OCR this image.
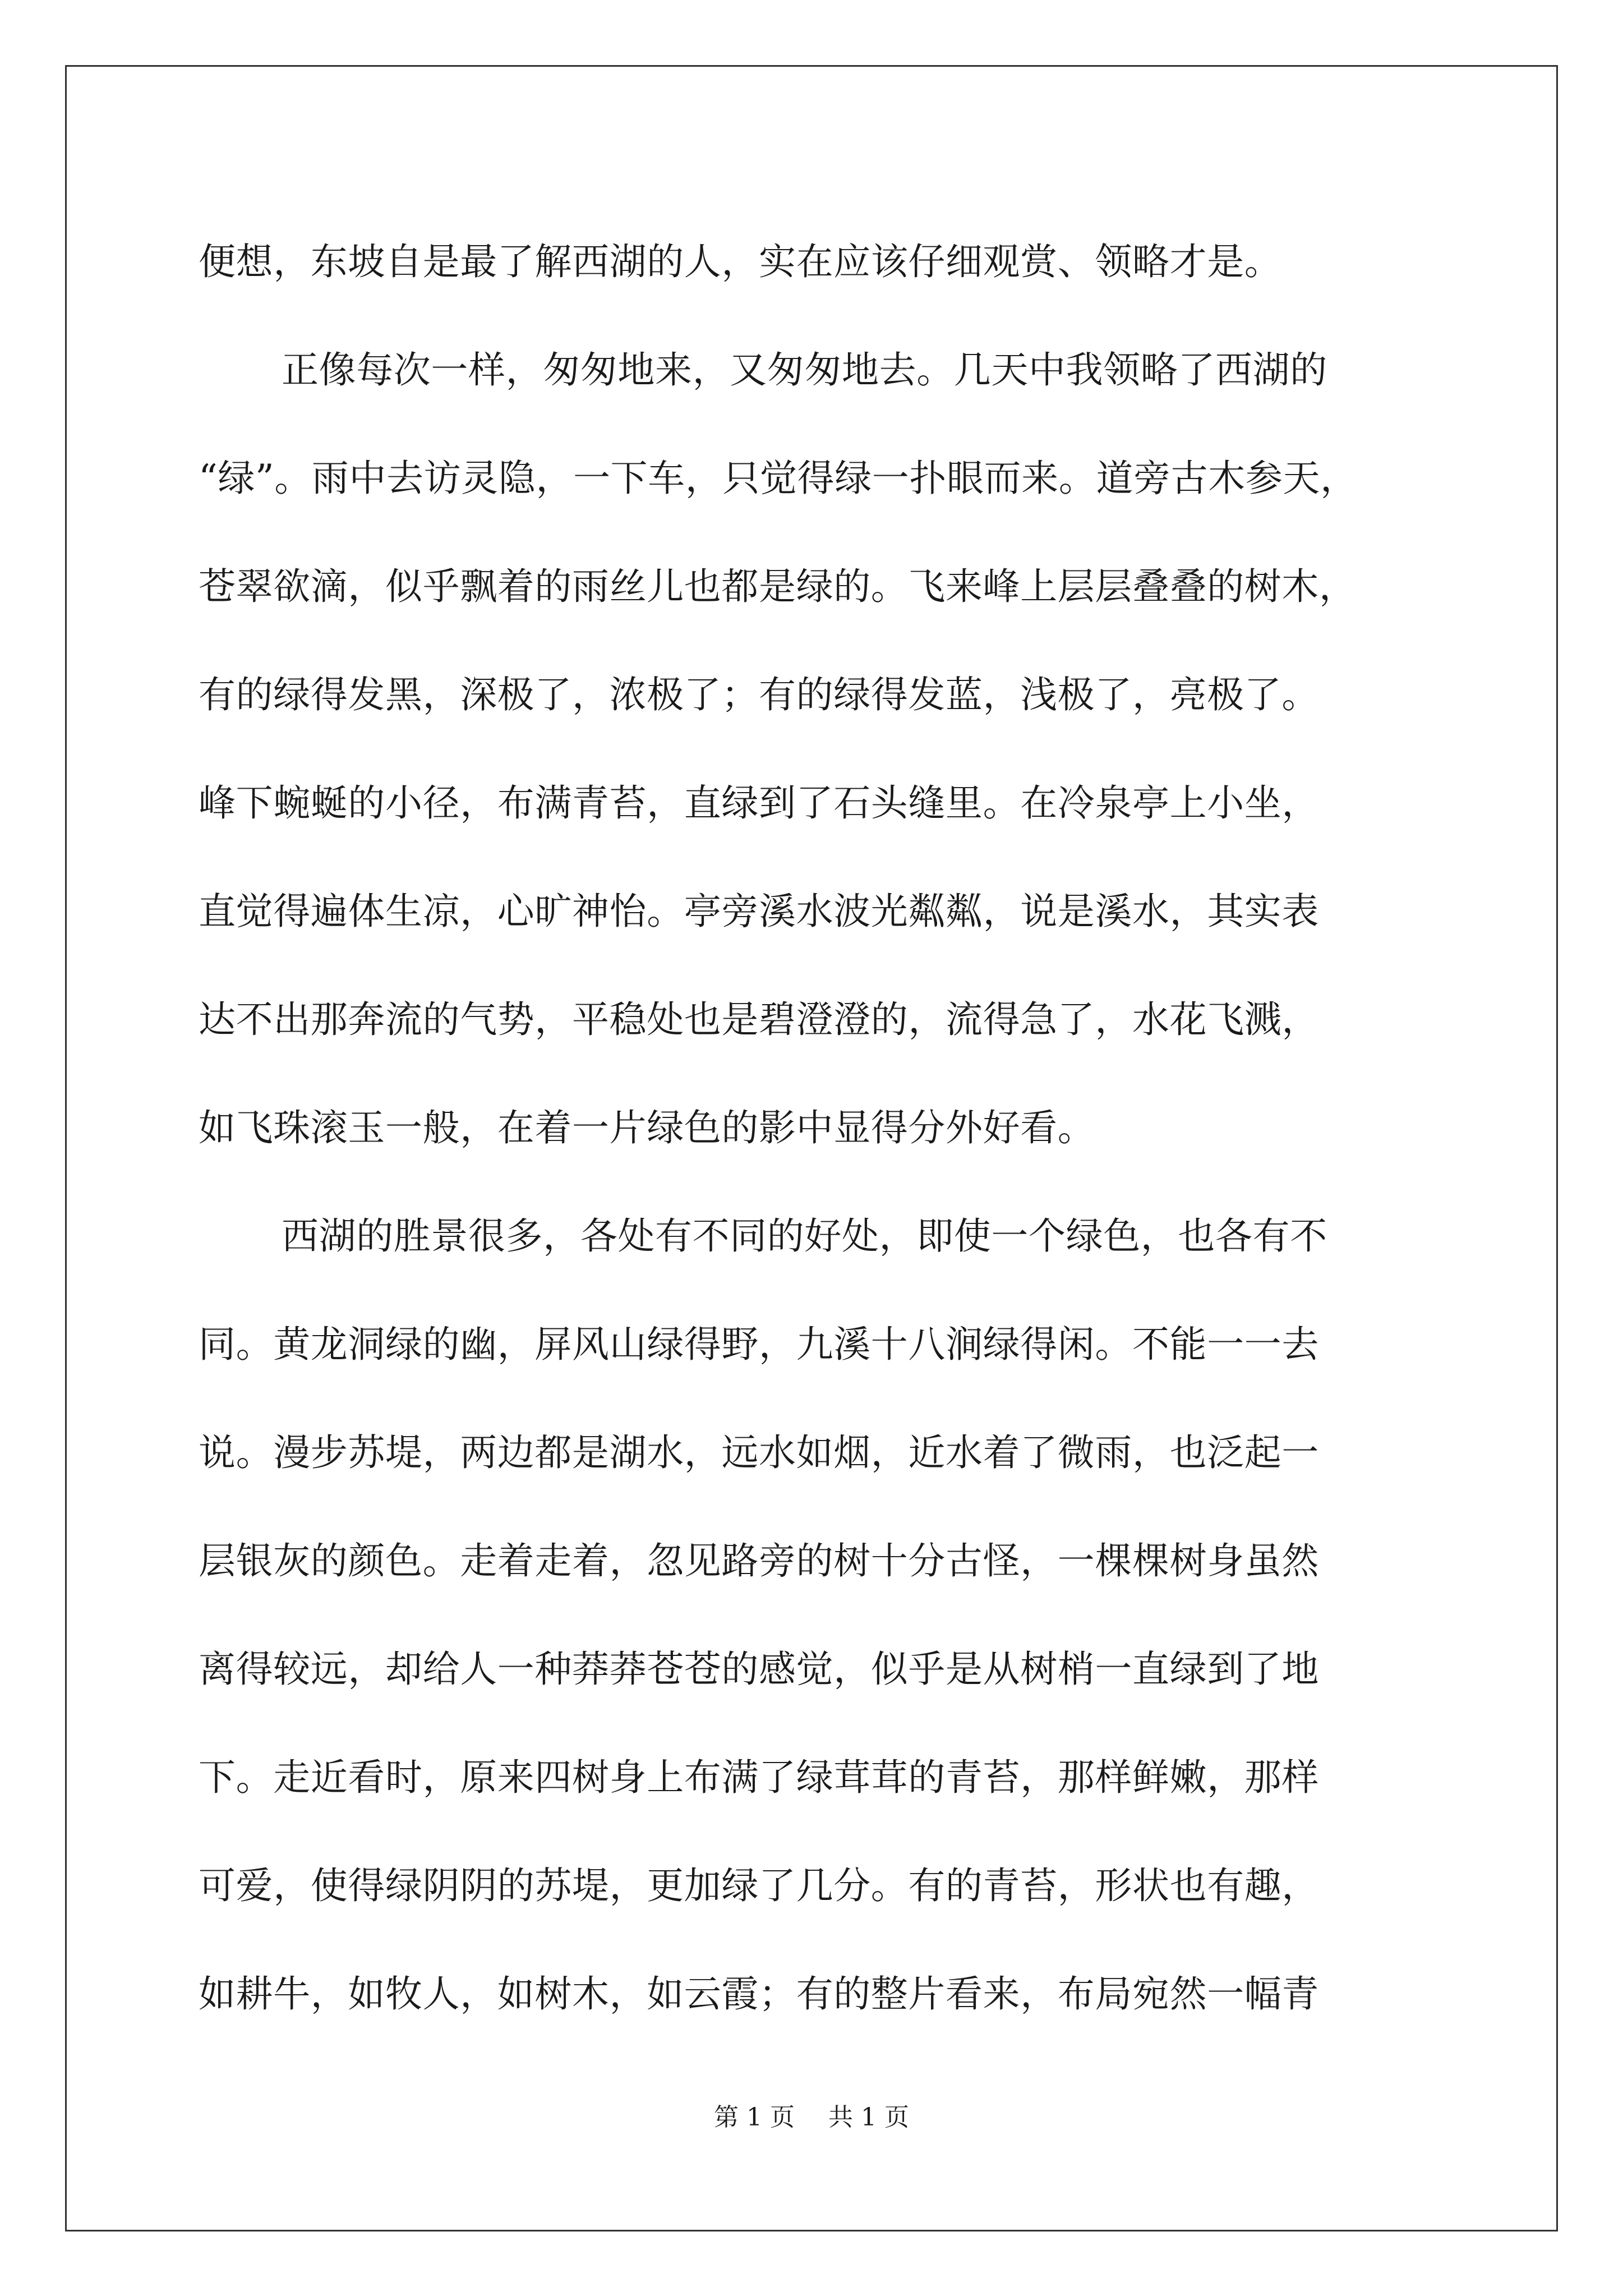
便想，东坡自是最了解西湖的人，实在应该仔细观赏、领略才是。
正像每次一样，匆匆地来，又匆匆地去。几天中我领略了西湖的
“绿”。雨中去访灵隐，一下车，只觉得绿一扑眼而来。道旁古木参天，
苍翠欲滴，似乎飘着的雨丝儿也都是绿的。飞来峰上层层叠叠的树木，
有的绿得发黑，深极了，浓极了；有的绿得发蓝，浅极了，亮极了。
峰下蜿蜒的小径，布满青苔，直绿到了石头缝里。在冷泉亭上小坐，
直觉得遍体生凉，心旷神怡。亭旁溪水波光粼粼，说是溪水，其实表
达不出那奔流的气势，平稳处也是碧澄澄的，流得急了，水花飞溅，
如飞珠滚玉一般，在着一片绿色的影中显得分外好看。
西湖的胜景很多，各处有不同的好处，即使一个绿色，也各有不
同。黄龙洞绿的幽，屏风山绿得野，九溪十八涧绿得闲。不能一一去
说。漫步苏堤，两边都是湖水，远水如烟，近水着了微雨，也泛起一
层银灰的颜色。走着走着，忽见路旁的树十分古怪，一棵棵树身虽然
离得较远，却给人一种莽莽苍苍的感觉，似乎是从树梢一直绿到了地
下。走近看时，原来四树身上布满了绿茸茸的青苔，那样鲜嫩，那样
可爱，使得绿阴阴的苏堤，更加绿了几分。有的青苔，形状也有趣，
如耕牛，如牧人，如树木，如云霞；有的整片看来，布局宛然一幅青
第 1 页 共 1 页
